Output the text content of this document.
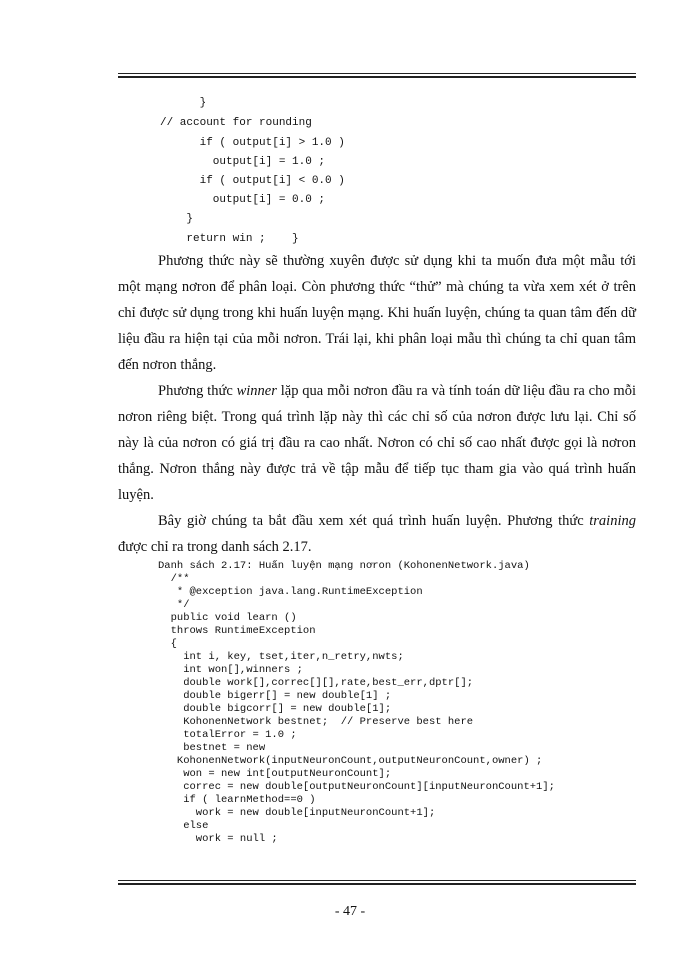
}
// account for rounding
if ( output[i] > 1.0 )
output[i] = 1.0 ;
if ( output[i] < 0.0 )
output[i] = 0.0 ;
}
return win ;    }

Phương thức này sẽ thường xuyên được sử dụng khi ta muốn đưa một mẫu tới một mạng nơron để phân loại. Còn phương thức “thử” mà chúng ta vừa xem xét ở trên chỉ được sử dụng trong khi huấn luyện mạng. Khi huấn luyện, chúng ta quan tâm đến dữ liệu đầu ra hiện tại của mỗi nơron. Trái lại, khi phân loại mẫu thì chúng ta chỉ quan tâm đến nơron thắng.

Phương thức winner lặp qua mỗi nơron đầu ra và tính toán dữ liệu đầu ra cho mỗi nơron riêng biệt. Trong quá trình lặp này thì các chỉ số của nơron được lưu lại. Chỉ số này là của nơron có giá trị đầu ra cao nhất. Nơron có chỉ số cao nhất được gọi là nơron thắng. Nơron thắng này được trả về tập mẫu để tiếp tục tham gia vào quá trình huấn luyện.

Bây giờ chúng ta bắt đầu xem xét quá trình huấn luyện. Phương thức training được chỉ ra trong danh sách 2.17.

Danh sách 2.17: Huấn luyện mạng nơron (KohonenNetwork.java)
/**
* @exception java.lang.RuntimeException
*/
public void learn ()
throws RuntimeException
{
int i, key, tset,iter,n_retry,nwts;
int won[],winners ;
double work[],correc[][],rate,best_err,dptr[];
double bigerr[] = new double[1] ;
double bigcorr[] = new double[1];
KohonenNetwork bestnet;  // Preserve best here
totalError = 1.0 ;
bestnet = new
KohonenNetwork(inputNeuronCount,outputNeuronCount,owner) ;
won = new int[outputNeuronCount];
correc = new double[outputNeuronCount][inputNeuronCount+1];
if ( learnMethod==0 )
work = new double[inputNeuronCount+1];
else
work = null ;
- 47 -
